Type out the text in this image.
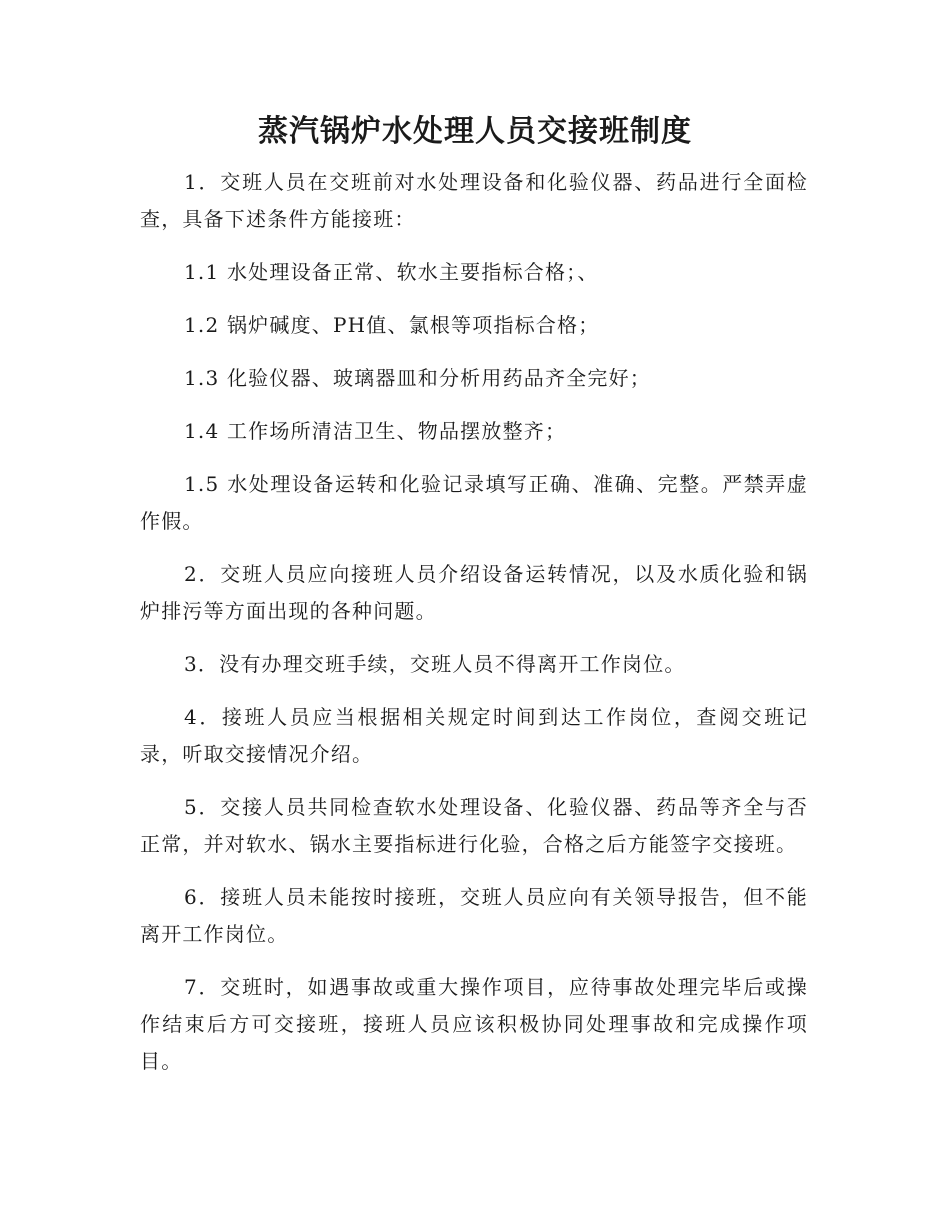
蒸汽锅炉水处理人员交接班制度

1．交班人员在交班前对水处理设备和化验仪器、药品进行全面检查，具备下述条件方能接班：

1.1 水处理设备正常、软水主要指标合格；、

1.2 锅炉碱度、PH值、氯根等项指标合格；

1.3 化验仪器、玻璃器皿和分析用药品齐全完好；

1.4 工作场所清洁卫生、物品摆放整齐；

1.5 水处理设备运转和化验记录填写正确、准确、完整。严禁弄虚作假。

2．交班人员应向接班人员介绍设备运转情况，以及水质化验和锅炉排污等方面出现的各种问题。

3．没有办理交班手续，交班人员不得离开工作岗位。

4．接班人员应当根据相关规定时间到达工作岗位，查阅交班记录，听取交接情况介绍。

5．交接人员共同检查软水处理设备、化验仪器、药品等齐全与否正常，并对软水、锅水主要指标进行化验，合格之后方能签字交接班。

6．接班人员未能按时接班，交班人员应向有关领导报告，但不能离开工作岗位。

7．交班时，如遇事故或重大操作项目，应待事故处理完毕后或操作结束后方可交接班，接班人员应该积极协同处理事故和完成操作项目。
